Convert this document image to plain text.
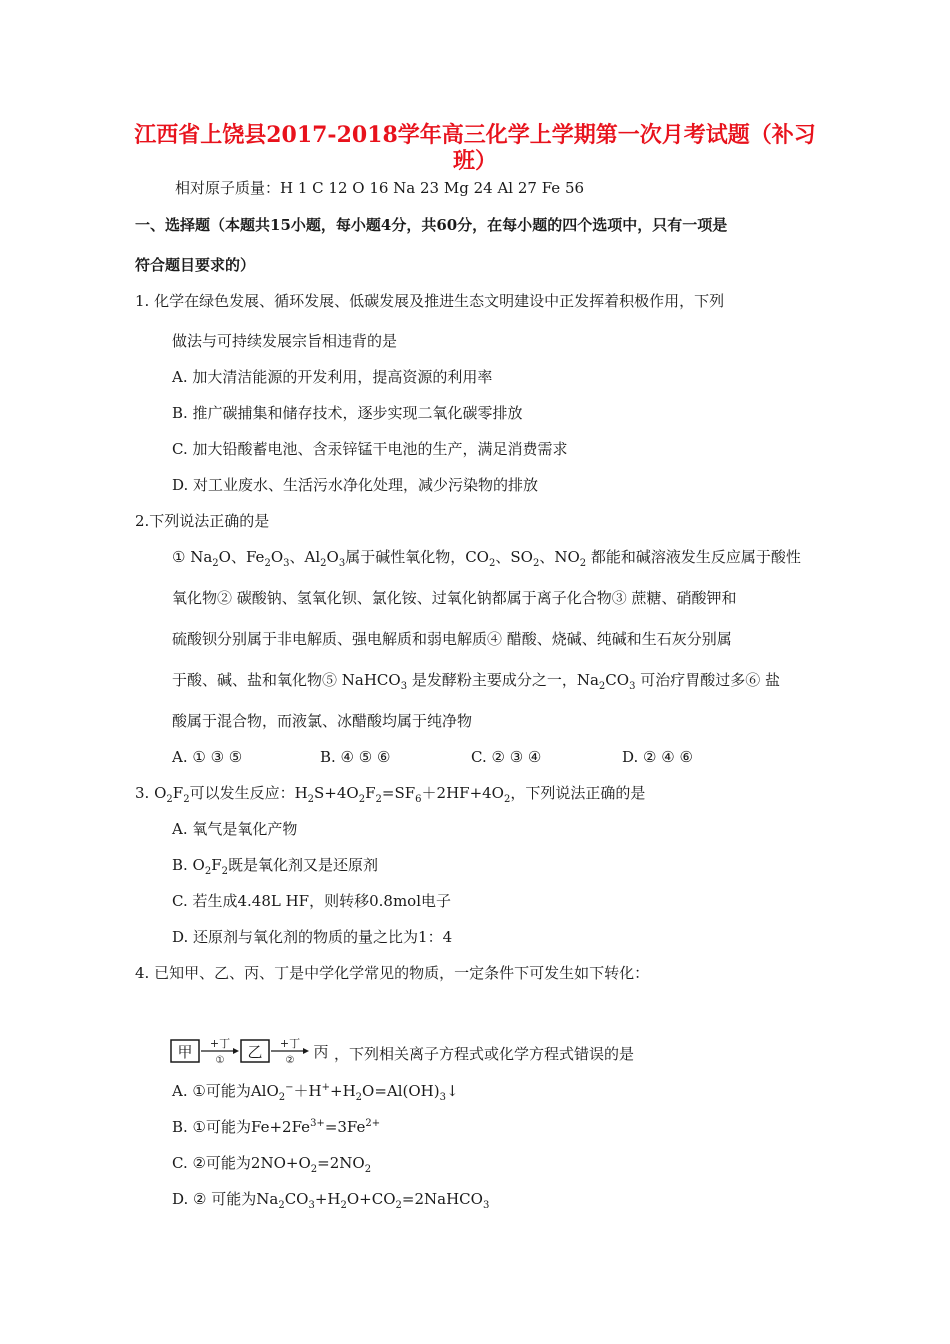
江西省上饶县2017-2018学年高三化学上学期第一次月考试题（补习
班）
相对原子质量：H 1 C 12 O 16 Na 23 Mg 24 Al 27 Fe 56
一、选择题（本题共15小题，每小题4分，共60分，在每小题的四个选项中，只有一项是
符合题目要求的）
1. 化学在绿色发展、循环发展、低碳发展及推进生态文明建设中正发挥着积极作用，下列
做法与可持续发展宗旨相违背的是
A. 加大清洁能源的开发利用，提高资源的利用率
B. 推广碳捕集和储存技术，逐步实现二氧化碳零排放
C. 加大铅酸蓄电池、含汞锌锰干电池的生产，满足消费需求
D. 对工业废水、生活污水净化处理，减少污染物的排放
2.下列说法正确的是
① $Na_2O$、$Fe_2O_3$、$Al_2O_3$属于碱性氧化物，$CO_2$、$SO_2$、$NO_2$ 都能和碱溶液发生反应属于酸性
氧化物② 碳酸钠、氢氧化钡、氯化铵、过氧化钠都属于离子化合物③ 蔗糖、硝酸钾和
硫酸钡分别属于非电解质、强电解质和弱电解质④ 醋酸、烧碱、纯碱和生石灰分别属
于酸、碱、盐和氧化物⑤ NaHCO$_3$ 是发酵粉主要成分之一，$Na_2CO_3$ 可治疗胃酸过多⑥ 盐
酸属于混合物，而液氯、冰醋酸均属于纯净物
A. ① ③ ⑤	B. ④ ⑤ ⑥	C. ② ③ ④	D. ② ④ ⑥
3. $O_2F_2$可以发生反应：$H_2S+4O_2F_2=SF_6+2HF+4O_2$，下列说法正确的是
A. 氧气是氧化产物
B. $O_2F_2$既是氧化剂又是还原剂
C. 若生成4.48L HF，则转移0.8mol电子
D. 还原剂与氧化剂的物质的量之比为1：4
4. 已知甲、乙、丙、丁是中学化学常见的物质，一定条件下可发生如下转化：
甲 +丁
① 乙 +丁
② 丙 ，下列相关离子方程式或化学方程式错误的是
A. ①可能为$AlO_2^-+H^++H_2O=Al(OH)_3↓$
B. ①可能为$Fe+2Fe^{3+}=3Fe^{2+}$
C. ②可能为$2NO+O_2=2NO_2$
D. ② 可能为$Na_2CO_3+H_2O+CO_2=2NaHCO_3$
